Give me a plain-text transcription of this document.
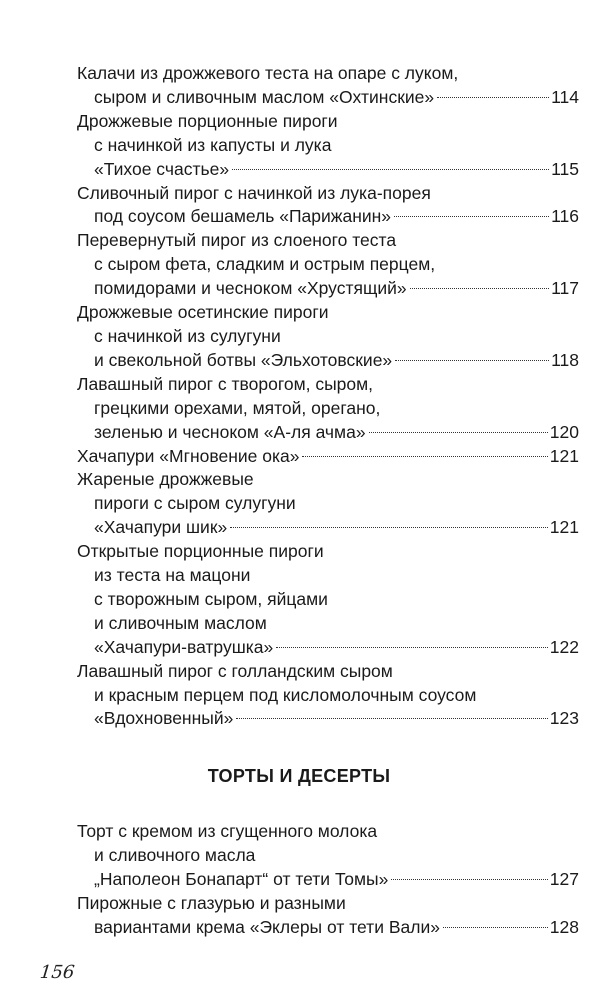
Калачи из дрожжевого теста на опаре с луком,
сыром и сливочным маслом «Охтинские»	114
Дрожжевые порционные пироги
с начинкой из капусты и лука
«Тихое счастье»	115
Сливочный пирог с начинкой из лука-порея
под соусом бешамель «Парижанин»	116
Перевернутый пирог из слоеного теста
с сыром фета, сладким и острым перцем,
помидорами и чесноком «Хрустящий»	117
Дрожжевые осетинские пироги
с начинкой из сулугуни
и свекольной ботвы «Эльхотовские»	118
Лавашный пирог с творогом, сыром,
грецкими орехами, мятой, орегано,
зеленью и чесноком «А-ля ачма»	120
Хачапури «Мгновение ока»	121
Жареные дрожжевые
пироги с сыром сулугуни
«Хачапури шик»	121
Открытые порционные пироги
из теста на мацони
с творожным сыром, яйцами
и сливочным маслом
«Хачапури-ватрушка»	122
Лавашный пирог с голландским сыром
и красным перцем под кисломолочным соусом
«Вдохновенный»	123
ТОРТЫ И ДЕСЕРТЫ
Торт с кремом из сгущенного молока
и сливочного масла
„Наполеон Бонапарт“ от тети Томы»	127
Пирожные с глазурью и разными
вариантами крема «Эклеры от тети Вали»	128
156
